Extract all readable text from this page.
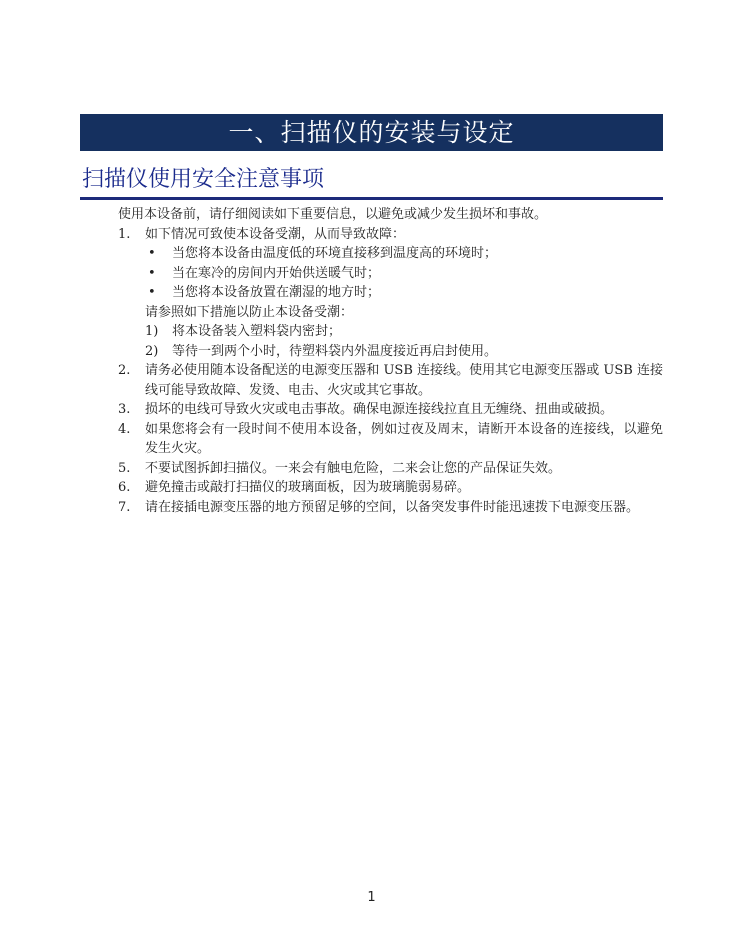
一、扫描仪的安装与设定
扫描仪使用安全注意事项

使用本设备前，请仔细阅读如下重要信息，以避免或减少发生损坏和事故。

1. 如下情况可致使本设备受潮，从而导致故障：
• 当您将本设备由温度低的环境直接移到温度高的环境时；
• 当在寒冷的房间内开始供送暖气时；
• 当您将本设备放置在潮湿的地方时；
请参照如下措施以防止本设备受潮：
1) 将本设备装入塑料袋内密封；
2) 等待一到两个小时，待塑料袋内外温度接近再启封使用。
2. 请务必使用随本设备配送的电源变压器和 USB 连接线。使用其它电源变压器或 USB 连接线可能导致故障、发烫、电击、火灾或其它事故。
3. 损坏的电线可导致火灾或电击事故。确保电源连接线拉直且无缠绕、扭曲或破损。
4. 如果您将会有一段时间不使用本设备，例如过夜及周末，请断开本设备的连接线，以避免发生火灾。
5. 不要试图拆卸扫描仪。一来会有触电危险，二来会让您的产品保证失效。
6. 避免撞击或敲打扫描仪的玻璃面板，因为玻璃脆弱易碎。
7. 请在接插电源变压器的地方预留足够的空间，以备突发事件时能迅速拨下电源变压器。
1
